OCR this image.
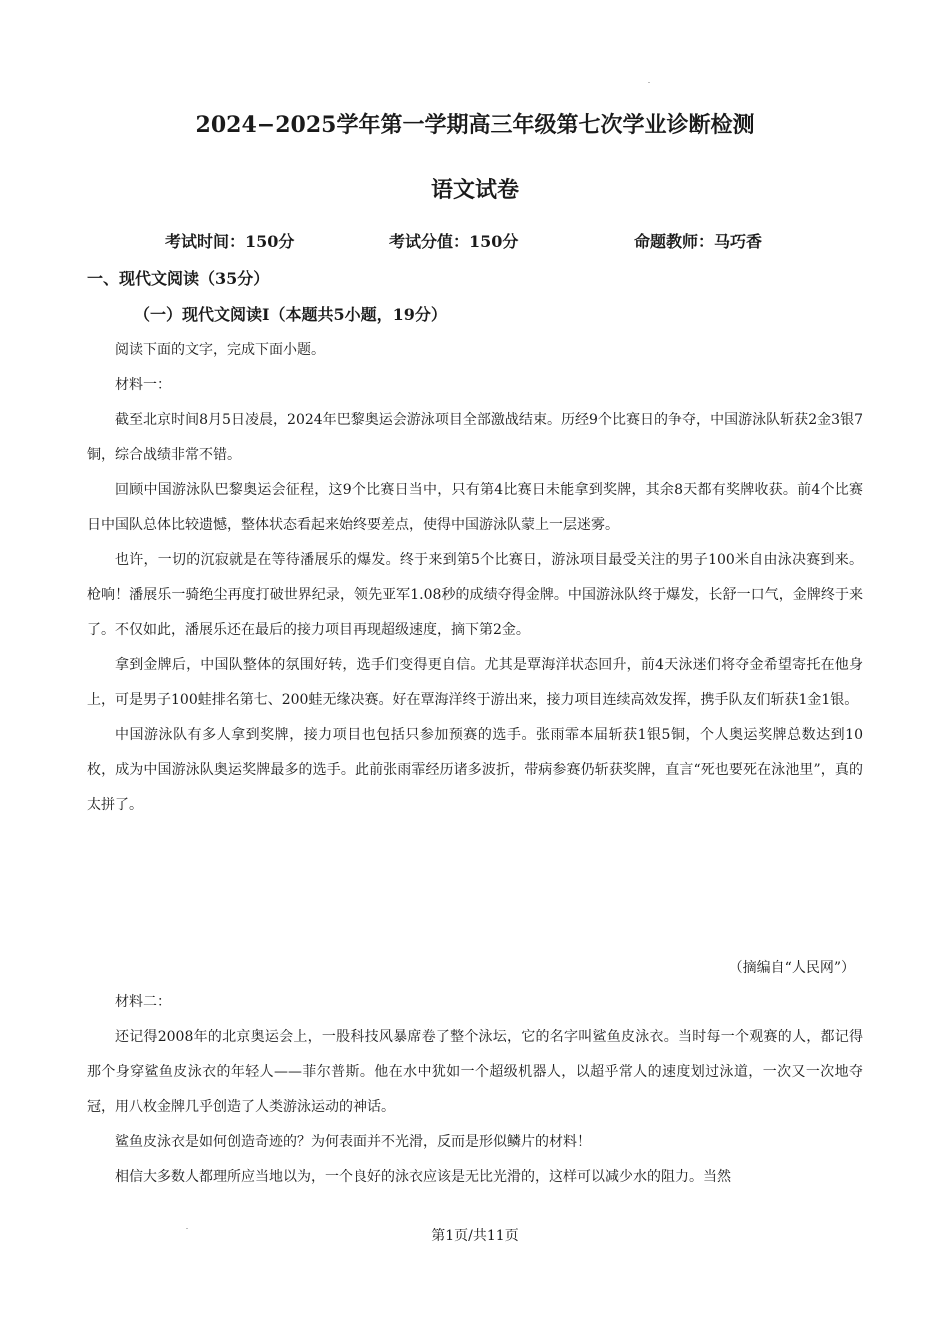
2024−2025学年第一学期高三年级第七次学业诊断检测
语文试卷
考试时间：150分	考试分值：150分	命题教师：马巧香
一、现代文阅读（35分）
（一）现代文阅读Ⅰ（本题共5小题，19分）

阅读下面的文字，完成下面小题。

材料一：

截至北京时间8月5日凌晨，2024年巴黎奥运会游泳项目全部激战结束。历经9个比赛日的争夺，中国游泳队斩获2金3银7铜，综合战绩非常不错。

回顾中国游泳队巴黎奥运会征程，这9个比赛日当中，只有第4比赛日未能拿到奖牌，其余8天都有奖牌收获。前4个比赛日中国队总体比较遗憾，整体状态看起来始终要差点，使得中国游泳队蒙上一层迷雾。

也许，一切的沉寂就是在等待潘展乐的爆发。终于来到第5个比赛日，游泳项目最受关注的男子100米自由泳决赛到来。枪响！潘展乐一骑绝尘再度打破世界纪录，领先亚军1.08秒的成绩夺得金牌。中国游泳队终于爆发，长舒一口气，金牌终于来了。不仅如此，潘展乐还在最后的接力项目再现超级速度，摘下第2金。

拿到金牌后，中国队整体的氛围好转，选手们变得更自信。尤其是覃海洋状态回升，前4天泳迷们将夺金希望寄托在他身上，可是男子100蛙排名第七、200蛙无缘决赛。好在覃海洋终于游出来，接力项目连续高效发挥，携手队友们斩获1金1银。

中国游泳队有多人拿到奖牌，接力项目也包括只参加预赛的选手。张雨霏本届斩获1银5铜，个人奥运奖牌总数达到10枚，成为中国游泳队奥运奖牌最多的选手。此前张雨霏经历诸多波折，带病参赛仍斩获奖牌，直言“死也要死在泳池里”，真的太拼了。

（摘编自“人民网”）

材料二：

还记得2008年的北京奥运会上，一股科技风暴席卷了整个泳坛，它的名字叫鲨鱼皮泳衣。当时每一个观赛的人，都记得那个身穿鲨鱼皮泳衣的年轻人——菲尔普斯。他在水中犹如一个超级机器人，以超乎常人的速度划过泳道，一次又一次地夺冠，用八枚金牌几乎创造了人类游泳运动的神话。

鲨鱼皮泳衣是如何创造奇迹的？为何表面并不光滑，反而是形似鳞片的材料！

相信大多数人都理所应当地以为，一个良好的泳衣应该是无比光滑的，这样可以减少水的阻力。当然

第1页/共11页
